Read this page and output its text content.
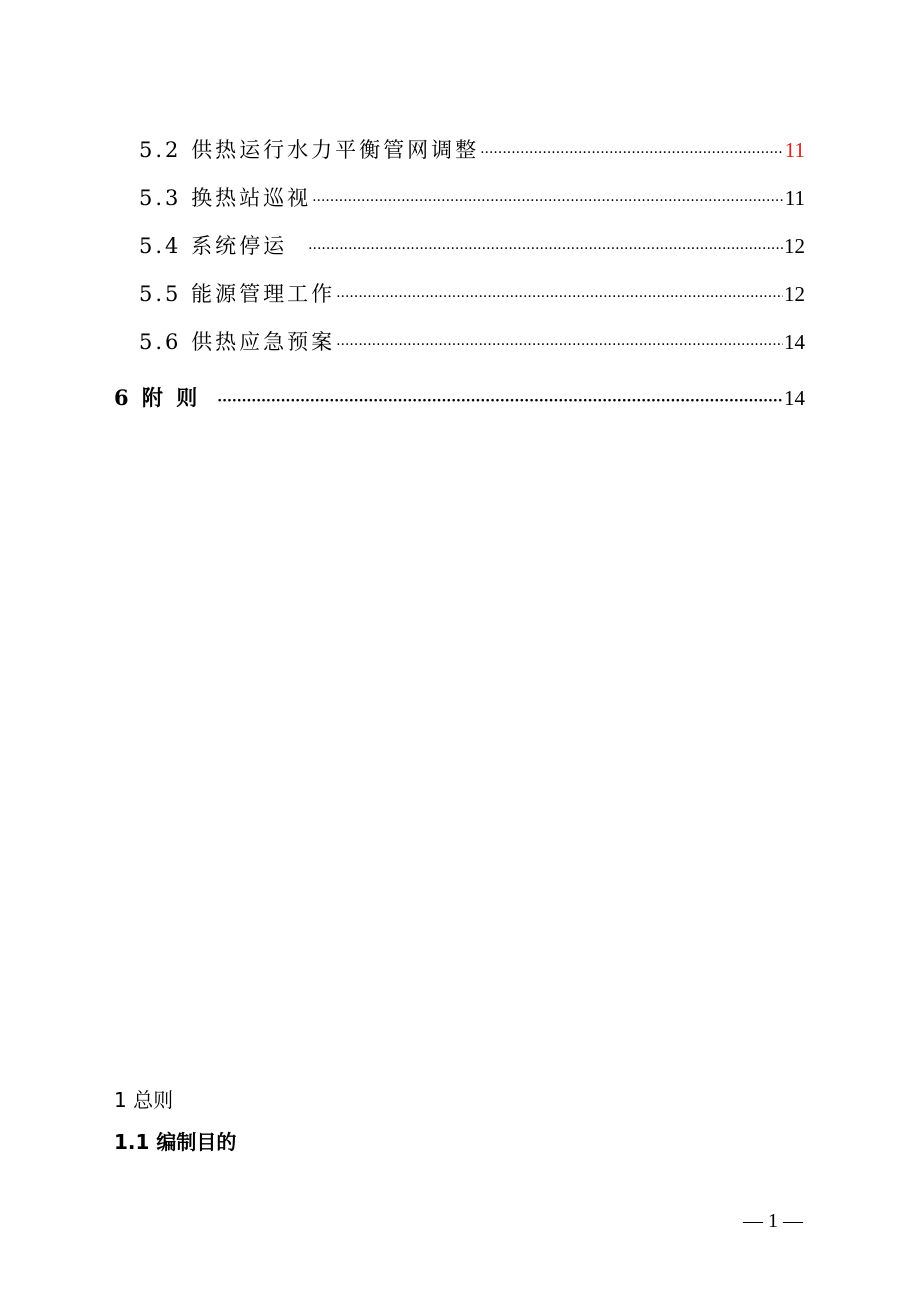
5.2 供热运行水力平衡管网调整 ·····	11
5.3 换热站巡视 ·····	11
5.4 系统停运 ·····	12
5.5 能源管理工作 ·····	12
5.6 供热应急预案 ·····	14
6 附 则 ·····	14
1 总则
1.1 编制目的
— 1 —
